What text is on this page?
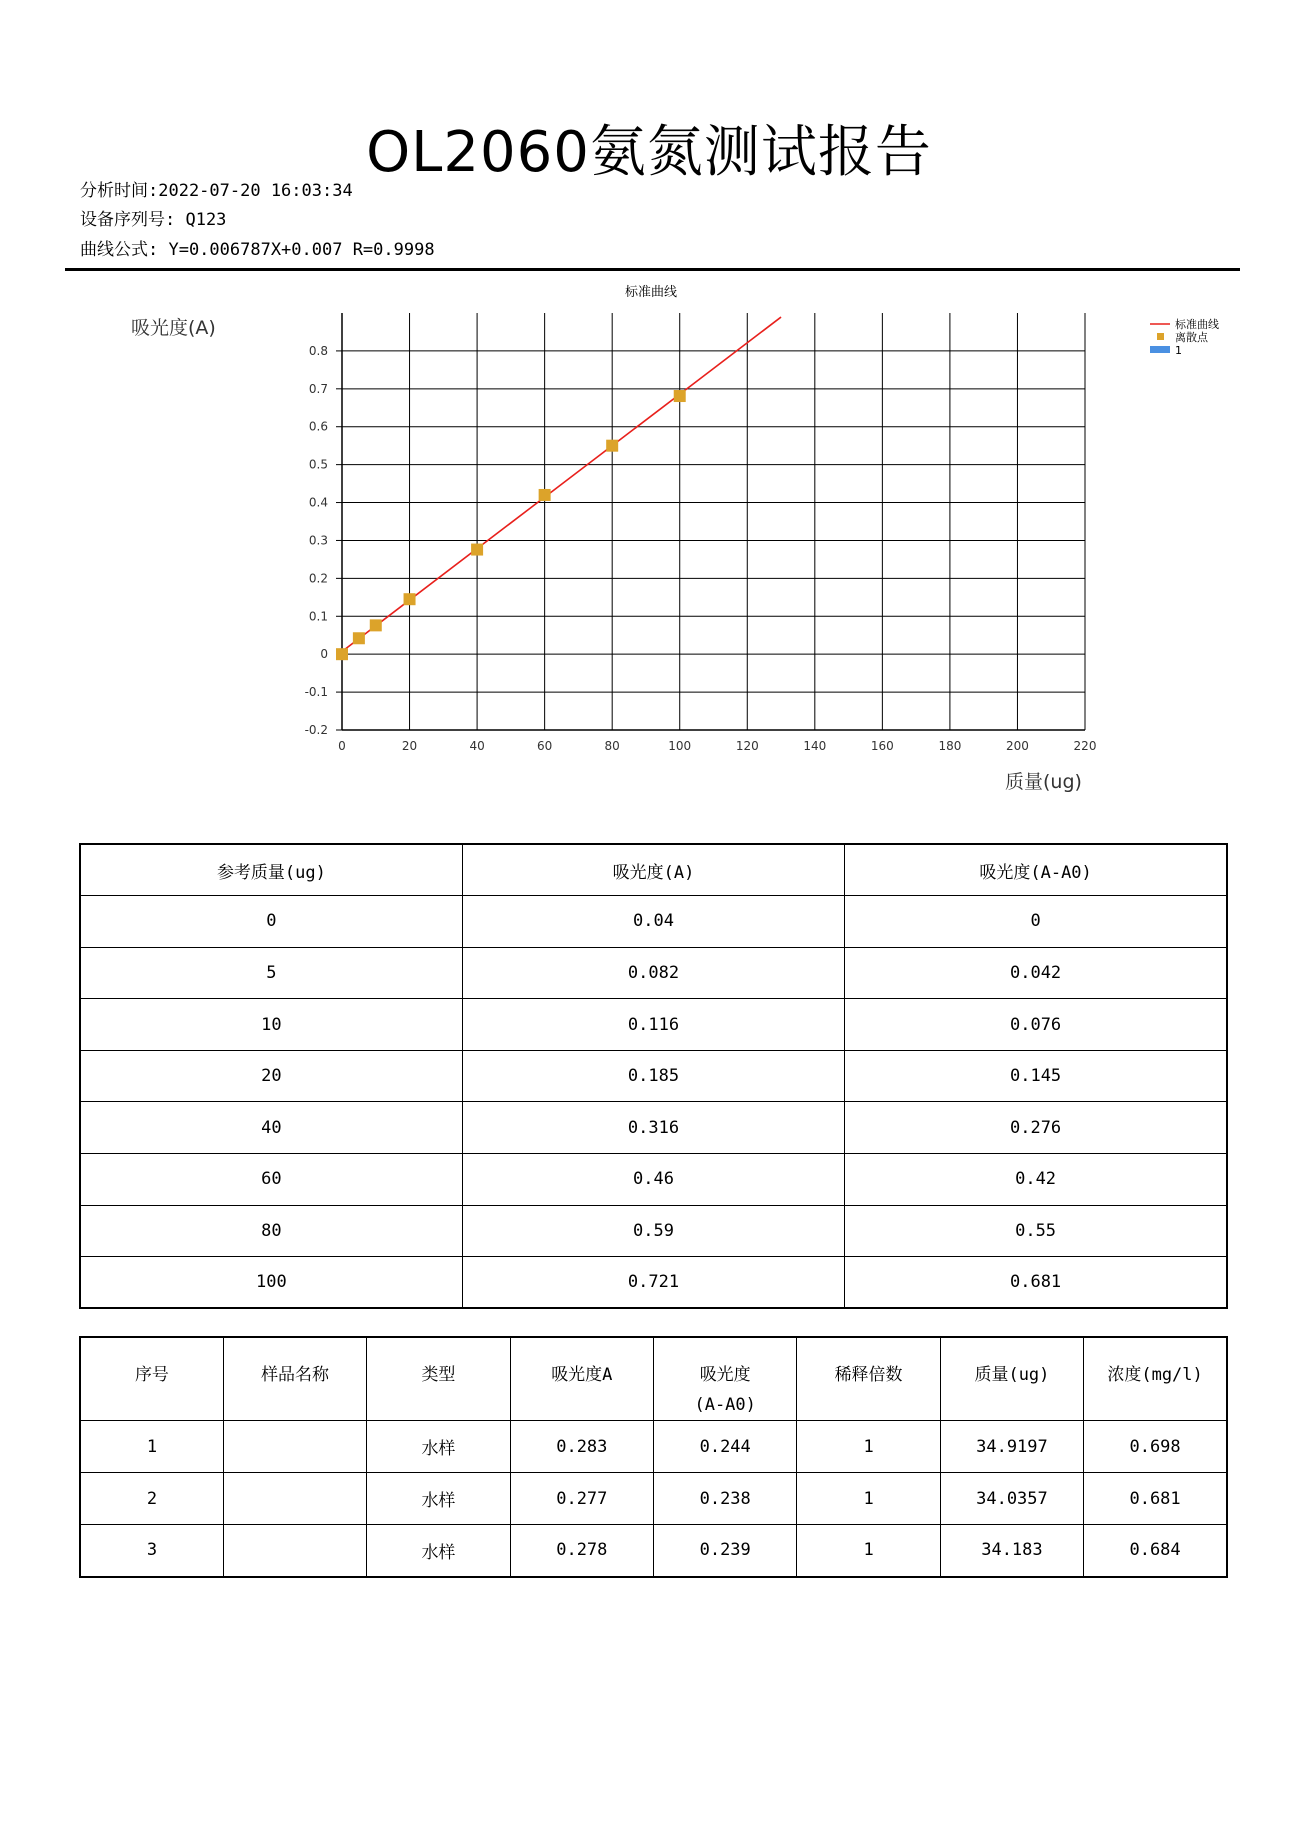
OL2060氨氮测试报告
分析时间:2022-07-20 16:03:34
设备序列号: Q123
曲线公式: Y=0.006787X+0.007 R=0.9998
标准曲线
吸光度(A)
质量(ug)
0	20	40	60	80	100	120	140	160	180	200	220
-0.2
-0.1
0
0.1
0.2
0.3
0.4
0.5
0.6
0.7
0.8
标准曲线
离散点
1
参考质量(ug)	吸光度(A)	吸光度(A-A0)
0	0.04	0
5	0.082	0.042
10	0.116	0.076
20	0.185	0.145
40	0.316	0.276
60	0.46	0.42
80	0.59	0.55
100	0.721	0.681
序号	样品名称	类型	吸光度A	吸光度
(A-A0)	稀释倍数	质量(ug)	浓度(mg/l)
1		水样	0.283	0.244	1	34.9197	0.698
2		水样	0.277	0.238	1	34.0357	0.681
3		水样	0.278	0.239	1	34.183	0.684
